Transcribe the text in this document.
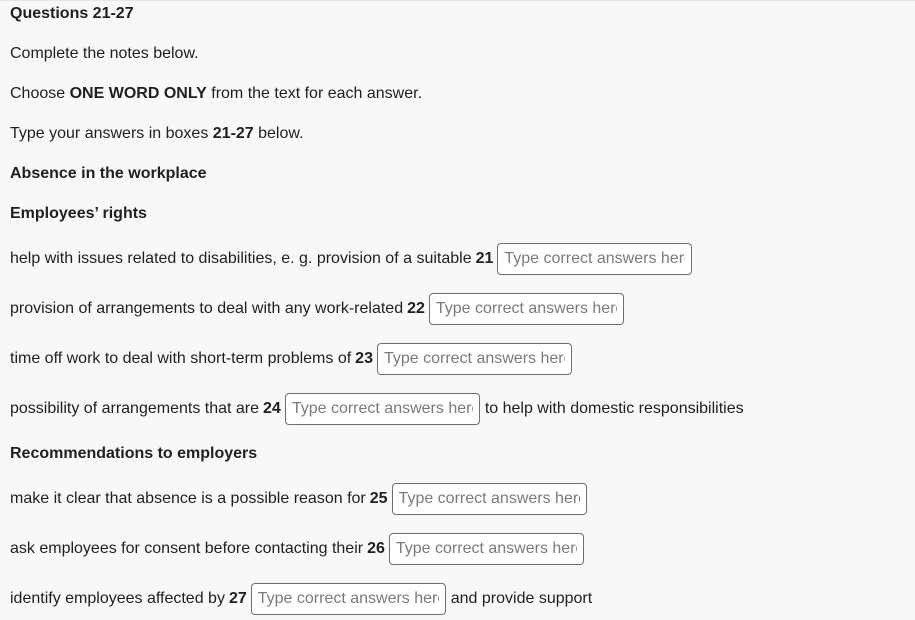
Questions 21-27
Complete the notes below.
Choose ONE WORD ONLY from the text for each answer.
Type your answers in boxes 21-27 below.
Absence in the workplace
Employees’ rights
help with issues related to disabilities, e. g. provision of a suitable 21
Type correct answers here
provision of arrangements to deal with any work-related 22
Type correct answers here
time off work to deal with short-term problems of 23
Type correct answers here
possibility of arrangements that are 24
Type correct answers here	to help with domestic responsibilities
Recommendations to employers
make it clear that absence is a possible reason for 25
Type correct answers here
ask employees for consent before contacting their 26
Type correct answers here
identify employees affected by 27
Type correct answers here	and provide support
